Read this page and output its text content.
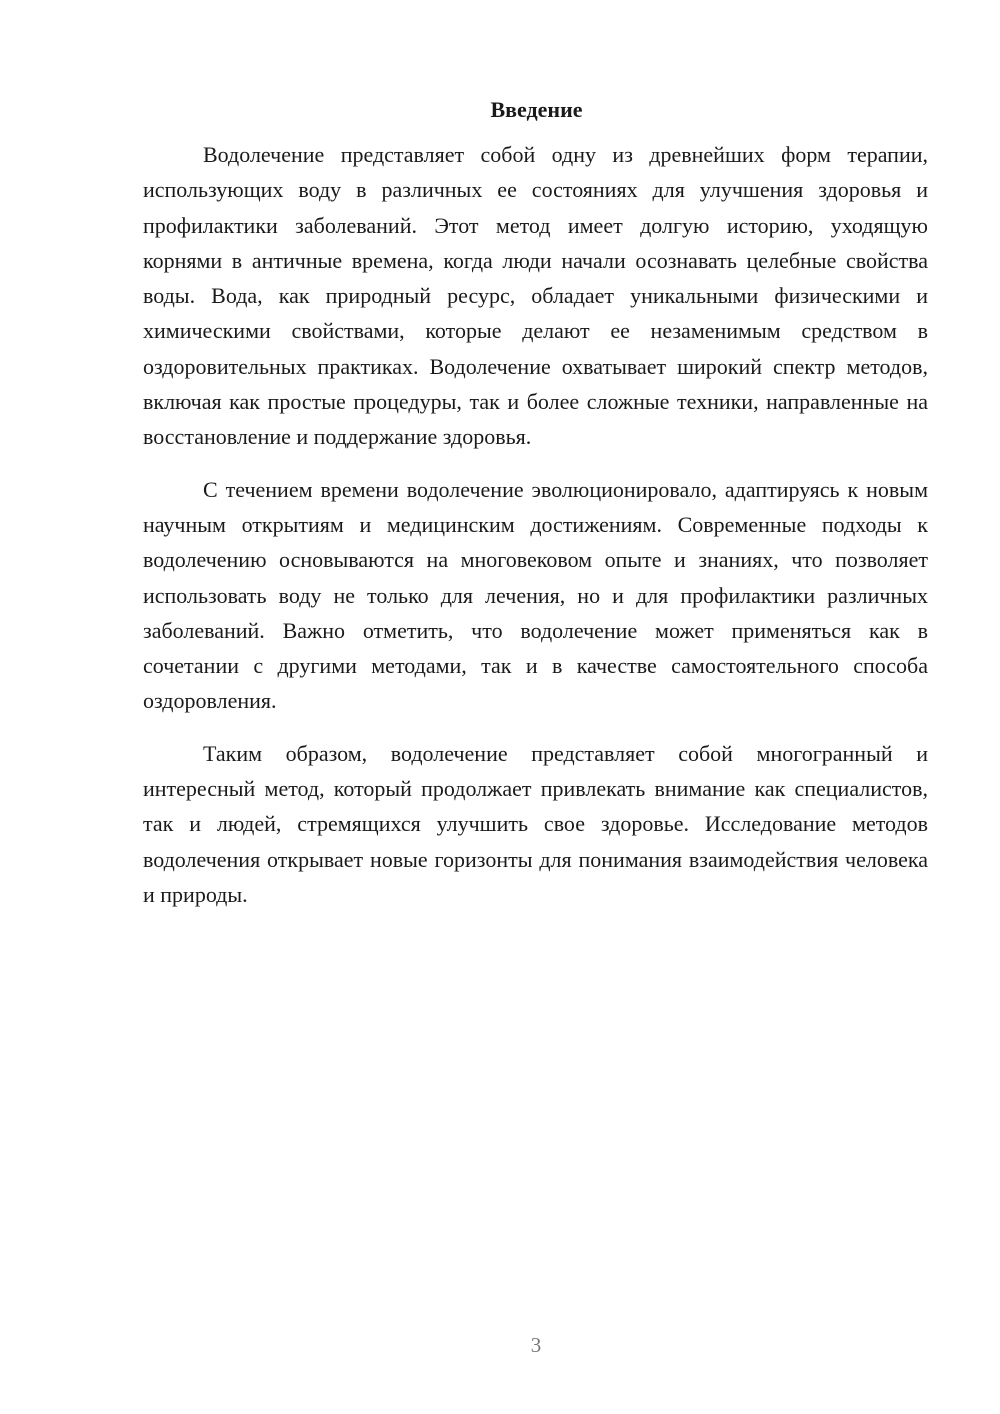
Введение

Водолечение представляет собой одну из древнейших форм терапии, использующих воду в различных ее состояниях для улучшения здоровья и профилактики заболеваний. Этот метод имеет долгую историю, уходящую корнями в античные времена, когда люди начали осознавать целебные свойства воды. Вода, как природный ресурс, обладает уникальными физическими и химическими свойствами, которые делают ее незаменимым средством в оздоровительных практиках. Водолечение охватывает широкий спектр методов, включая как простые процедуры, так и более сложные техники, направленные на восстановление и поддержание здоровья.

С течением времени водолечение эволюционировало, адаптируясь к новым научным открытиям и медицинским достижениям. Современные подходы к водолечению основываются на многовековом опыте и знаниях, что позволяет использовать воду не только для лечения, но и для профилактики различных заболеваний. Важно отметить, что водолечение может применяться как в сочетании с другими методами, так и в качестве самостоятельного способа оздоровления.

Таким образом, водолечение представляет собой многогранный и интересный метод, который продолжает привлекать внимание как специалистов, так и людей, стремящихся улучшить свое здоровье. Исследование методов водолечения открывает новые горизонты для понимания взаимодействия человека и природы.

3
